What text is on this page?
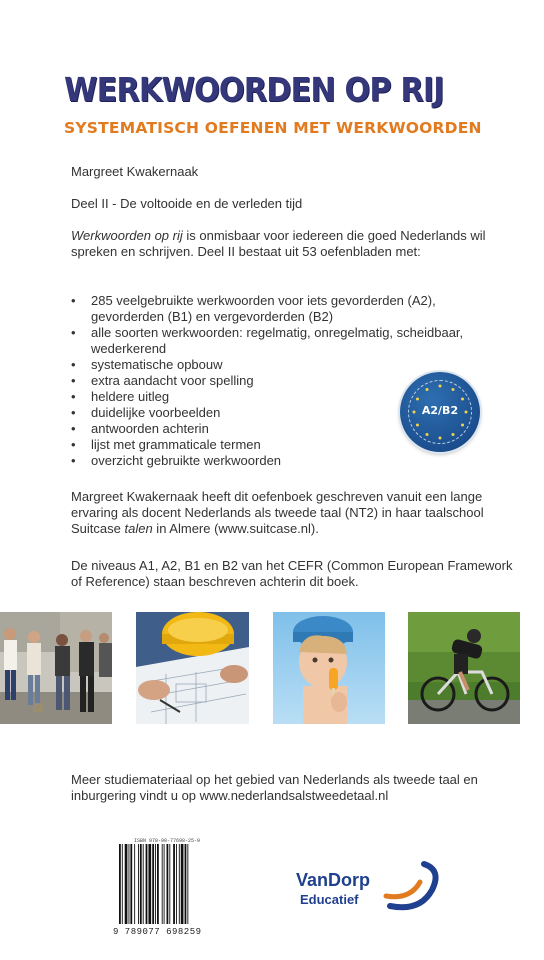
WERKWOORDEN OP RIJ
SYSTEMATISCH OEFENEN MET WERKWOORDEN
Margreet Kwakernaak
Deel II - De voltooide en de verleden tijd

Werkwoorden op rij is onmisbaar voor iedereen die goed Nederlands wil spreken en schrijven. Deel II bestaat uit 53 oefenbladen met:

• 285 veelgebruikte werkwoorden voor iets gevorderden (A2), gevorderden (B1) en vergevorderden (B2)
• alle soorten werkwoorden: regelmatig, onregelmatig, scheidbaar, wederkerend
• systematische opbouw
• extra aandacht voor spelling
• heldere uitleg
• duidelijke voorbeelden
• antwoorden achterin
• lijst met grammaticale termen
• overzicht gebruikte werkwoorden
A2/B2

Margreet Kwakernaak heeft dit oefenboek geschreven vanuit een lange ervaring als docent Nederlands als tweede taal (NT2) in haar taalschool Suitcase talen in Almere (www.suitcase.nl).

De niveaus A1, A2, B1 en B2 van het CEFR (Common European Framework of Reference) staan beschreven achterin dit boek.

Meer studiemateriaal op het gebied van Nederlands als tweede taal en inburgering vindt u op www.nederlandsalstweedetaal.nl

ISBN 978-90-77698-25-9
9 789077 698259
VanDorp
Educatief
